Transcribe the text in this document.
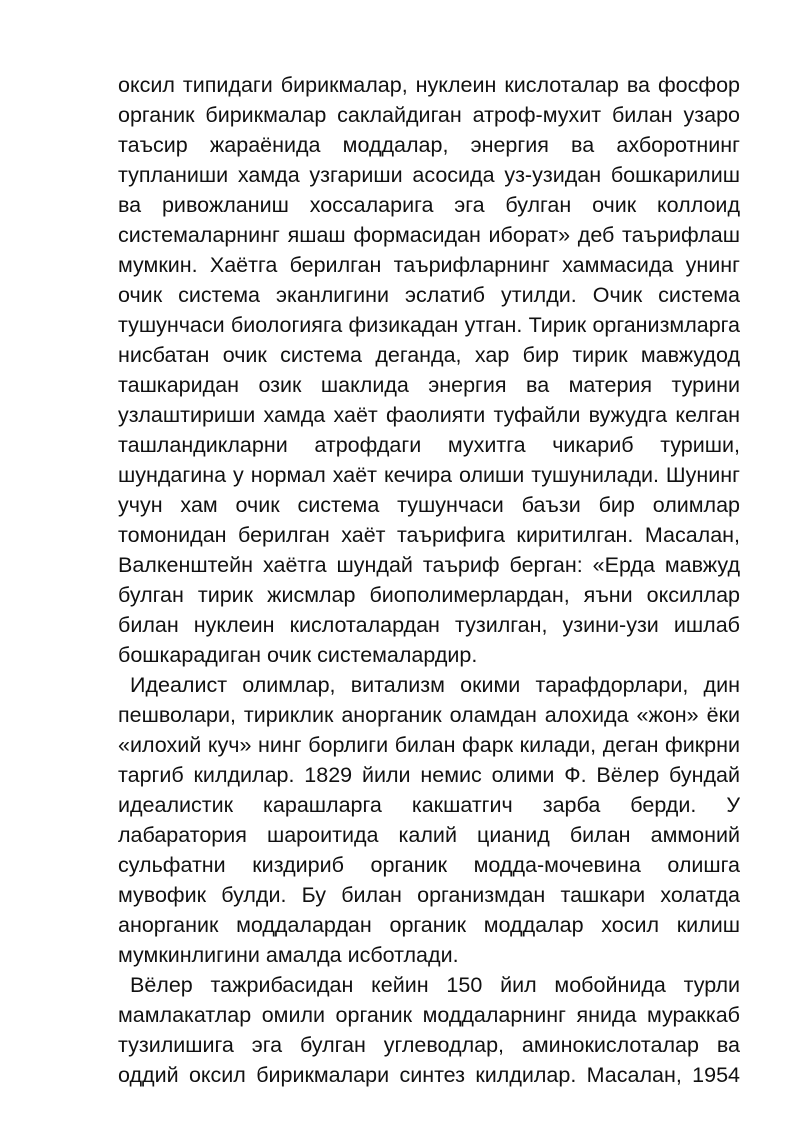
оксил типидаги бирикмалар, нуклеин кислоталар ва фосфор
органик бирикмалар саклайдиган атроф-мухит билан узаро
таъсир жараёнида моддалар, энергия ва ахборотнинг
тупланиши хамда узгариши асосида уз-узидан бошкарилиш
ва ривожланиш хоссаларига эга булган очик коллоид
системаларнинг яшаш формасидан иборат» деб таърифлаш
мумкин. Хаётга берилган таърифларнинг хаммасида унинг
очик система эканлигини эслатиб утилди. Очик система
тушунчаси биологияга физикадан утган. Тирик организмларга
нисбатан очик система деганда, хар бир тирик мавжудод
ташкаридан озик шаклида энергия ва материя турини
узлаштириши хамда хаёт фаолияти туфайли вужудга келган
ташландикларни атрофдаги мухитга чикариб туриши,
шундагина у нормал хаёт кечира олиши тушунилади. Шунинг
учун хам очик система тушунчаси баъзи бир олимлар
томонидан берилган хаёт таърифига киритилган. Масалан,
Валкенштейн хаётга шундай таъриф берган: «Ерда мавжуд
булган тирик жисмлар биополимерлардан, яъни оксиллар
билан нуклеин кислоталардан тузилган, узини-узи ишлаб
бошкарадиган очик системалардир.
Идеалист олимлар, витализм окими тарафдорлари, дин
пешволари, тириклик анорганик оламдан алохида «жон» ёки
«илохий куч» нинг борлиги билан фарк килади, деган фикрни
таргиб килдилар. 1829 йили немис олими Ф. Вёлер бундай
идеалистик карашларга какшатгич зарба берди. У
лабаратория шароитида калий цианид билан аммоний
сульфатни киздириб органик модда-мочевина олишга
мувофик булди. Бу билан организмдан ташкари холатда
анорганик моддалардан органик моддалар хосил килиш
мумкинлигини амалда исботлади.
Вёлер тажрибасидан кейин 150 йил мобойнида турли
мамлакатлар омили органик моддаларнинг янида мураккаб
тузилишига эга булган углеводлар, аминокислоталар ва
оддий оксил бирикмалари синтез килдилар. Масалан, 1954
